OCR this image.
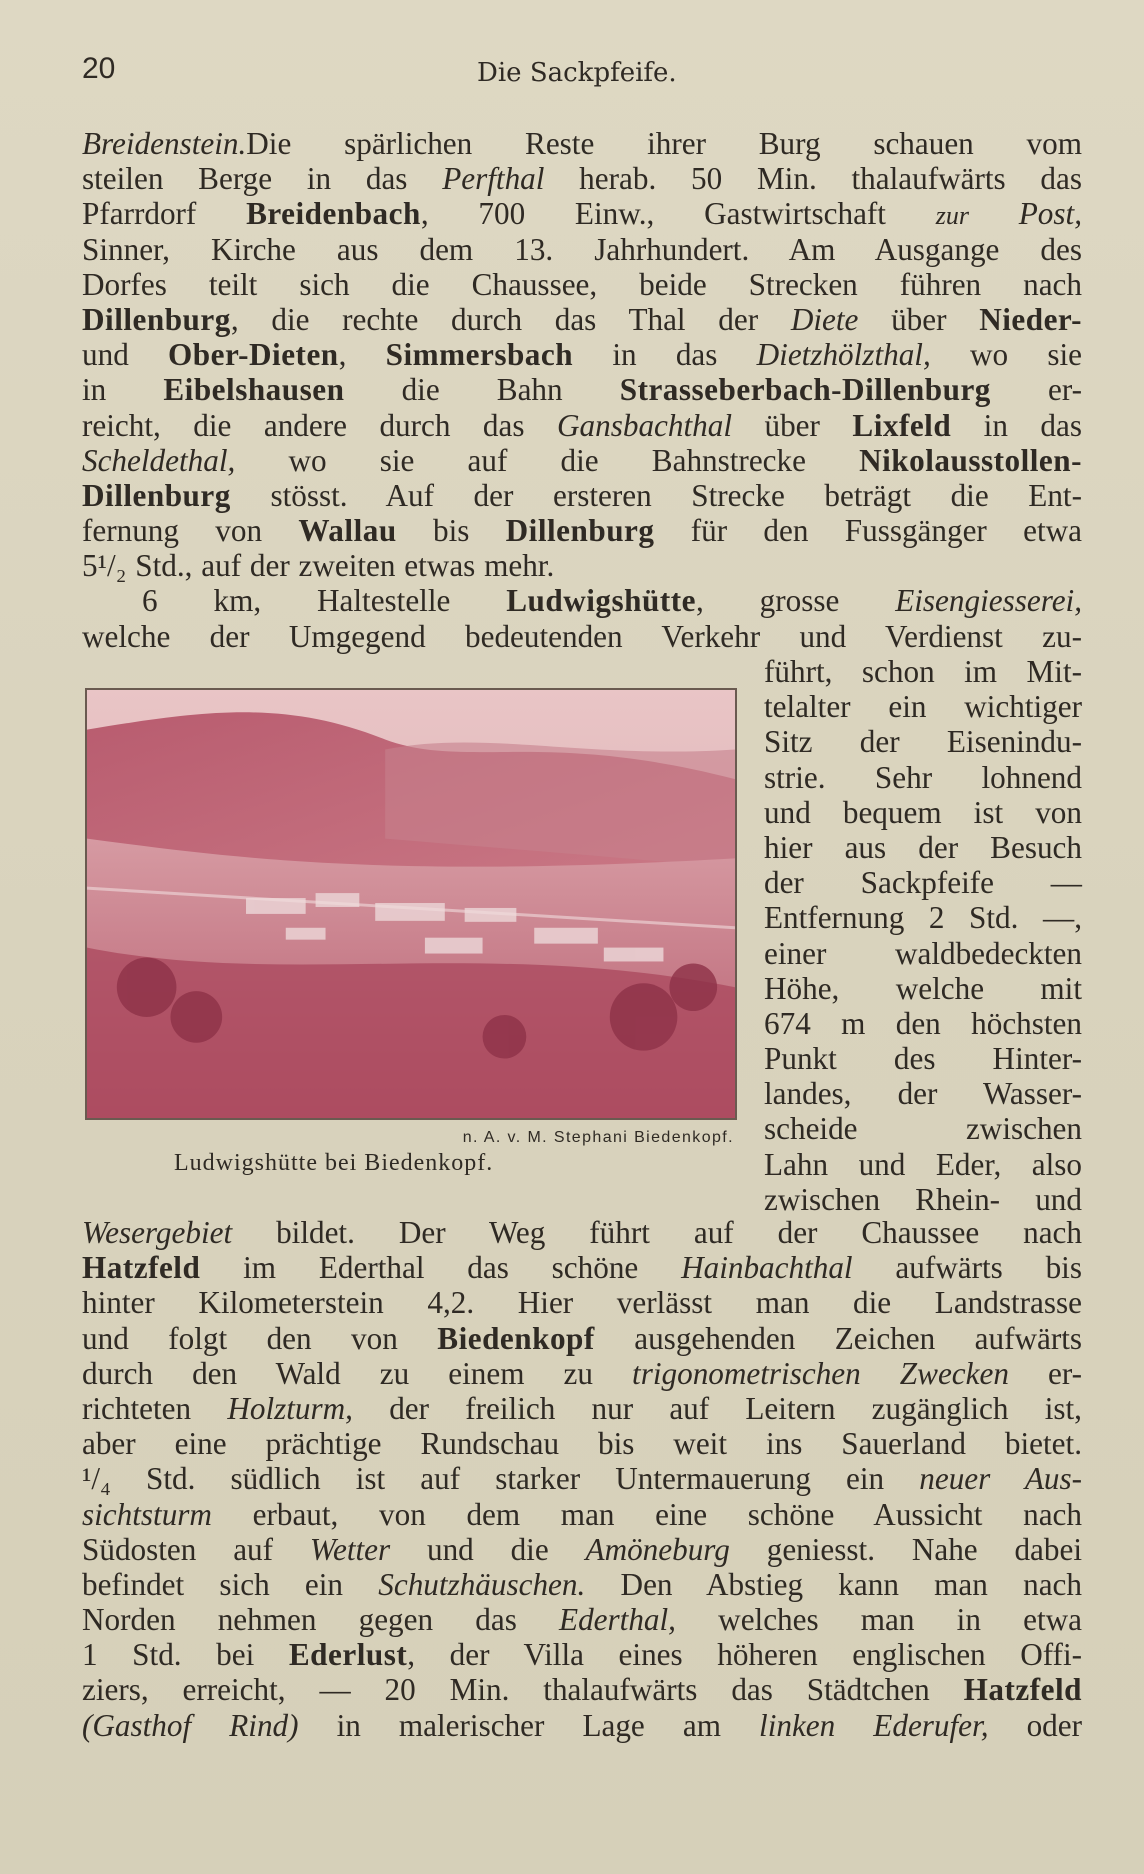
20	Die Sackpfeife.
Breidenstein.Die spärlichen Reste ihrer Burg schauen vom
steilen Berge in das Perfthal herab. 50 Min. thalaufwärts das
Pfarrdorf Breidenbach, 700 Einw., Gastwirtschaft zur Post,
Sinner, Kirche aus dem 13. Jahrhundert. Am Ausgange des
Dorfes teilt sich die Chaussee, beide Strecken führen nach
Dillenburg, die rechte durch das Thal der Diete über Nieder-
und Ober-Dieten, Simmersbach in das Dietzhölzthal, wo sie
in Eibelshausen die Bahn Strasseberbach-Dillenburg er-
reicht, die andere durch das Gansbachthal über Lixfeld in das
Scheldethal, wo sie auf die Bahnstrecke Nikolausstollen-
Dillenburg stösst. Auf der ersteren Strecke beträgt die Ent-
fernung von Wallau bis Dillenburg für den Fussgänger etwa
5¹/₂ Std., auf der zweiten etwas mehr.
6 km, Haltestelle Ludwigshütte, grosse Eisengiesserei,
welche der Umgegend bedeutenden Verkehr und Verdienst zu-
n. A. v. M. Stephani Biedenkopf.
Ludwigshütte bei Biedenkopf.
führt, schon im Mit-
telalter ein wichtiger
Sitz der Eisenindu-
strie. Sehr lohnend
und bequem ist von
hier aus der Besuch
der Sackpfeife —
Entfernung 2 Std. —,
einer waldbedeckten
Höhe, welche mit
674 m den höchsten
Punkt des Hinter-
landes, der Wasser-
scheide zwischen
Lahn und Eder, also
zwischen Rhein- und
Wesergebiet bildet. Der Weg führt auf der Chaussee nach
Hatzfeld im Ederthal das schöne Hainbachthal aufwärts bis
hinter Kilometerstein 4,2. Hier verlässt man die Landstrasse
und folgt den von Biedenkopf ausgehenden Zeichen aufwärts
durch den Wald zu einem zu trigonometrischen Zwecken er-
richteten Holzturm, der freilich nur auf Leitern zugänglich ist,
aber eine prächtige Rundschau bis weit ins Sauerland bietet.
¹/₄ Std. südlich ist auf starker Untermauerung ein neuer Aus-
sichtsturm erbaut, von dem man eine schöne Aussicht nach
Südosten auf Wetter und die Amöneburg geniesst. Nahe dabei
befindet sich ein Schutzhäuschen. Den Abstieg kann man nach
Norden nehmen gegen das Ederthal, welches man in etwa
1 Std. bei Ederlust, der Villa eines höheren englischen Offi-
ziers, erreicht, — 20 Min. thalaufwärts das Städtchen Hatzfeld
(Gasthof Rind) in malerischer Lage am linken Ederufer, oder
